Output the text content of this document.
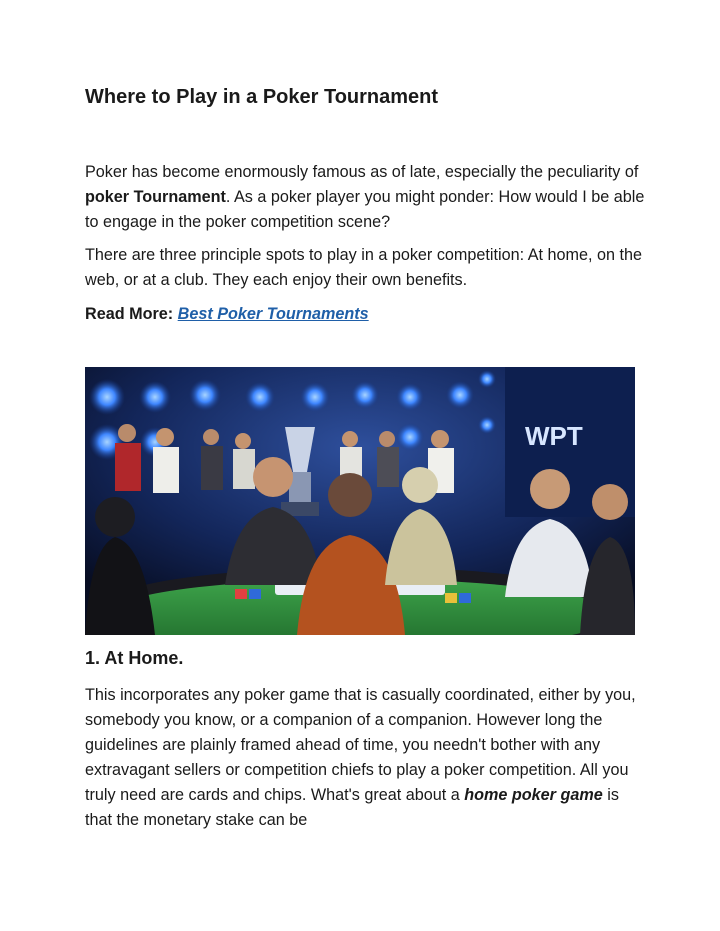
Where to Play in a Poker Tournament

Poker has become enormously famous as of late, especially the peculiarity of poker Tournament. As a poker player you might ponder: How would I be able to engage in the poker competition scene?

There are three principle spots to play in a poker competition: At home, on the web, or at a club. They each enjoy their own benefits.

Read More: Best Poker Tournaments

WPT
1. At Home.

This incorporates any poker game that is casually coordinated, either by you, somebody you know, or a companion of a companion. However long the guidelines are plainly framed ahead of time, you needn't bother with any extravagant sellers or competition chiefs to play a poker competition. All you truly need are cards and chips. What's great about a home poker game is that the monetary stake can be
